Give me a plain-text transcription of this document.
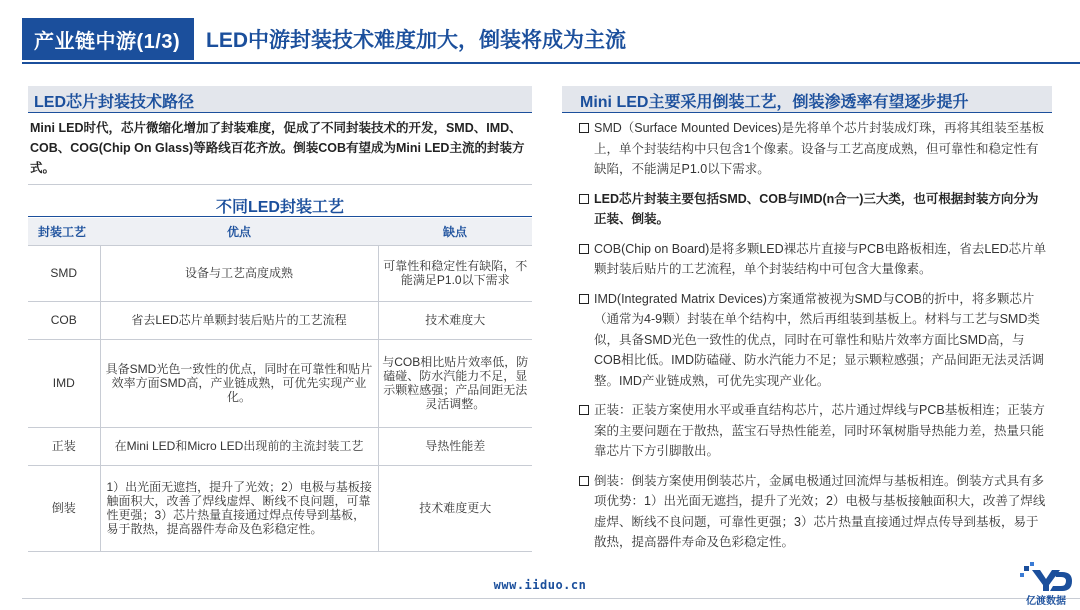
产业链中游(1/3) LED中游封装技术难度加大，倒装将成为主流
LED芯片封装技术路径
Mini LED时代，芯片微缩化增加了封装难度，促成了不同封装技术的开发，SMD、IMD、COB、COG(Chip On Glass)等路线百花齐放。倒装COB有望成为Mini LED主流的封装方式。
不同LED封装工艺
封装工艺	优点	缺点
SMD	设备与工艺高度成熟	可靠性和稳定性有缺陷，不能满足P1.0以下需求
COB	省去LED芯片单颗封装后贴片的工艺流程	技术难度大
IMD	具备SMD光色一致性的优点，同时在可靠性和贴片效率方面SMD高，产业链成熟，可优先实现产业化。	与COB相比贴片效率低，防磕碰、防水汽能力不足，显示颗粒感强；产品间距无法灵活调整。
正装	在Mini LED和Micro LED出现前的主流封装工艺	导热性能差
倒装	1）出光面无遮挡，提升了光效；2）电极与基板接触面积大，改善了焊线虚焊、断线不良问题，可靠性更强；3）芯片热量直接通过焊点传导到基板，易于散热，提高器件寿命及色彩稳定性。	技术难度更大
Mini LED主要采用倒装工艺，倒装渗透率有望逐步提升
SMD（Surface Mounted Devices)是先将单个芯片封装成灯珠，再将其组装至基板上，单个封装结构中只包含1个像素。设备与工艺高度成熟，但可靠性和稳定性有缺陷，不能满足P1.0以下需求。
LED芯片封装主要包括SMD、COB与IMD(n合一)三大类，也可根据封装方向分为正装、倒装。
COB(Chip on Board)是将多颗LED裸芯片直接与PCB电路板相连，省去LED芯片单颗封装后贴片的工艺流程，单个封装结构中可包含大量像素。
IMD(Integrated Matrix Devices)方案通常被视为SMD与COB的折中，将多颗芯片（通常为4-9颗）封装在单个结构中，然后再组装到基板上。材料与工艺与SMD类似，具备SMD光色一致性的优点，同时在可靠性和贴片效率方面比SMD高，与COB相比低。IMD防磕碰、防水汽能力不足；显示颗粒感强；产品间距无法灵活调整。IMD产业链成熟，可优先实现产业化。
正装：正装方案使用水平或垂直结构芯片，芯片通过焊线与PCB基板相连；正装方案的主要问题在于散热，蓝宝石导热性能差，同时环氧树脂导热能力差，热量只能靠芯片下方引脚散出。
倒装：倒装方案使用倒装芯片，金属电极通过回流焊与基板相连。倒装方式具有多项优势：1）出光面无遮挡，提升了光效；2）电极与基板接触面积大，改善了焊线虚焊、断线不良问题，可靠性更强；3）芯片热量直接通过焊点传导到基板，易于散热，提高器件寿命及色彩稳定性。
www.iiduo.cn
亿渡数据
